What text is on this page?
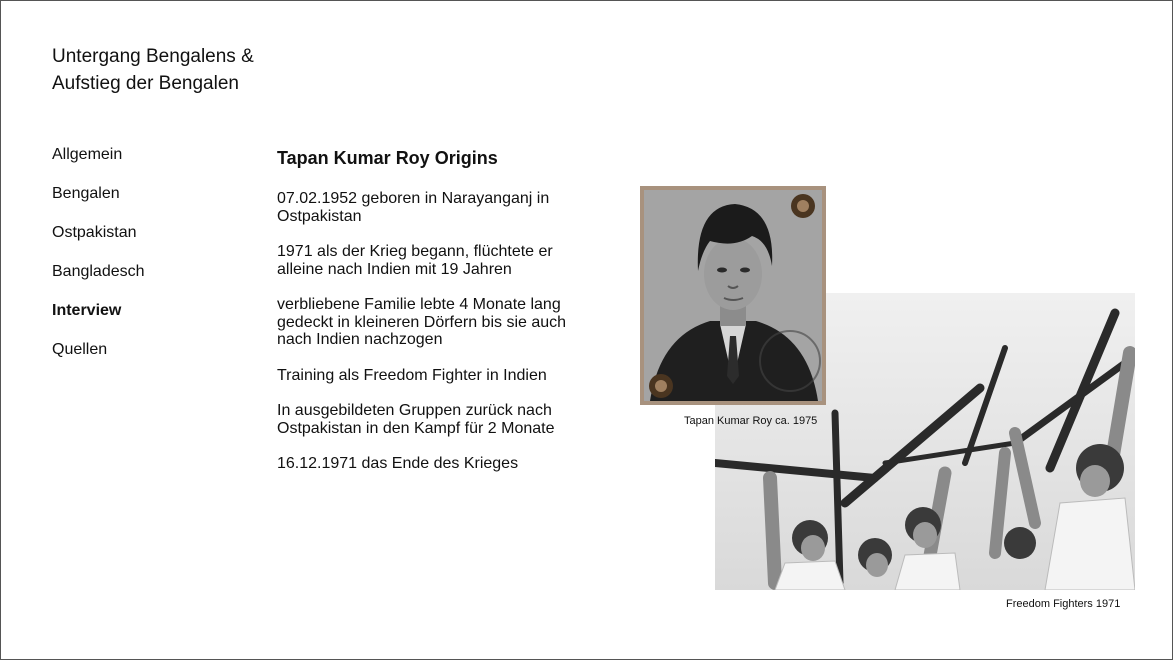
Untergang Bengalens &
Aufstieg der Bengalen
Allgemein
Bengalen
Ostpakistan
Bangladesch
Interview
Quellen
Tapan Kumar Roy Origins

07.02.1952 geboren in Narayanganj in Ostpakistan

1971 als der Krieg begann, flüchtete er alleine nach Indien mit 19 Jahren

verbliebene Familie lebte 4 Monate lang gedeckt in kleineren Dörfern bis sie auch nach Indien nachzogen

Training als Freedom Fighter in Indien

In ausgebildeten Gruppen zurück nach Ostpakistan in den Kampf für 2 Monate

16.12.1971 das Ende des Krieges

Tapan Kumar Roy ca. 1975
Freedom Fighters 1971
